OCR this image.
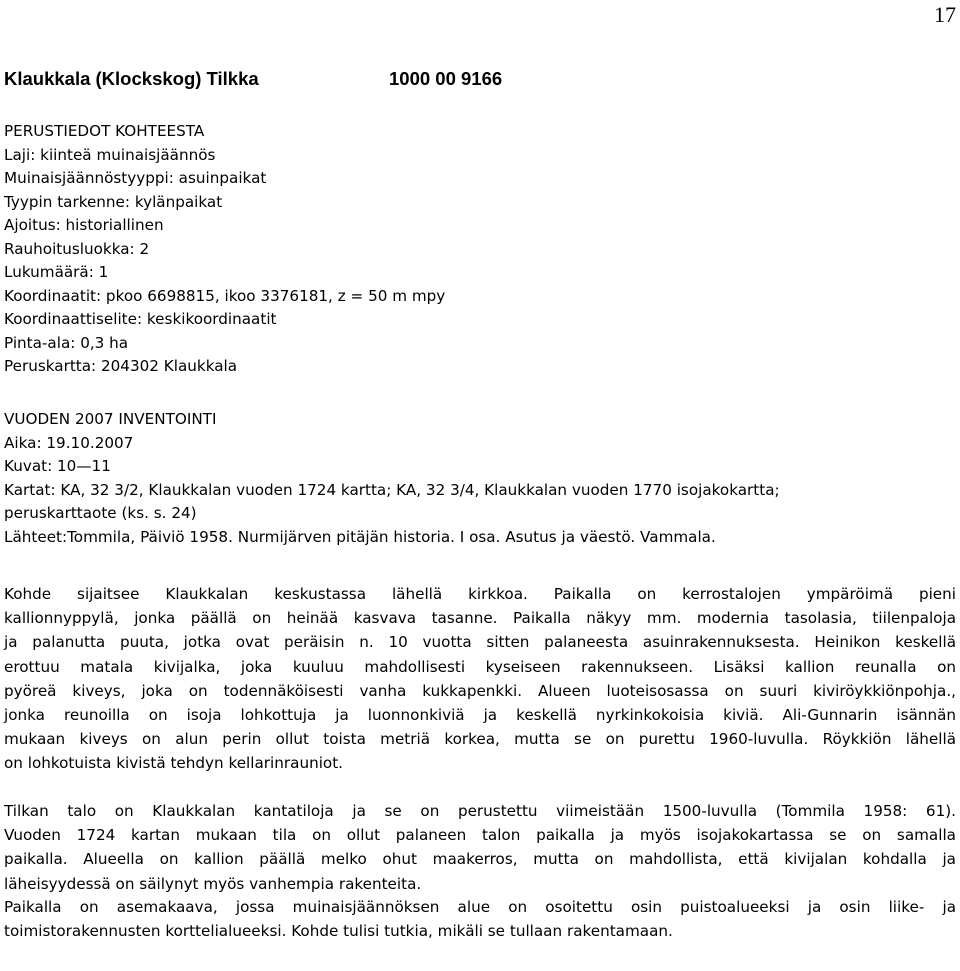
17
Klaukkala (Klockskog) Tilkka	1000 00 9166
PERUSTIEDOT KOHTEESTA
Laji: kiinteä muinaisjäännös
Muinaisjäännöstyyppi: asuinpaikat
Tyypin tarkenne: kylänpaikat
Ajoitus: historiallinen
Rauhoitusluokka: 2
Lukumäärä: 1
Koordinaatit: pkoo 6698815, ikoo 3376181, z = 50 m mpy
Koordinaattiselite: keskikoordinaatit
Pinta-ala: 0,3 ha
Peruskartta: 204302 Klaukkala
VUODEN 2007 INVENTOINTI
Aika: 19.10.2007
Kuvat: 10—11
Kartat: KA, 32 3/2, Klaukkalan vuoden 1724 kartta; KA, 32 3/4, Klaukkalan vuoden 1770 isojakokartta;
peruskarttaote (ks. s. 24)
Lähteet:Tommila, Päiviö 1958. Nurmijärven pitäjän historia. I osa. Asutus ja väestö. Vammala.
Kohde sijaitsee Klaukkalan keskustassa lähellä kirkkoa. Paikalla on kerrostalojen ympäröimä pieni
kallionnyppylä, jonka päällä on heinää kasvava tasanne. Paikalla näkyy mm. modernia tasolasia, tiilenpaloja
ja palanutta puuta, jotka ovat peräisin n. 10 vuotta sitten palaneesta asuinrakennuksesta. Heinikon keskellä
erottuu matala kivijalka, joka kuuluu mahdollisesti kyseiseen rakennukseen. Lisäksi kallion reunalla on
pyöreä kiveys, joka on todennäköisesti vanha kukkapenkki. Alueen luoteisosassa on suuri kiviröykkiönpohja.,
jonka reunoilla on isoja lohkottuja ja luonnonkiviä ja keskellä nyrkinkokoisia kiviä. Ali-Gunnarin isännän
mukaan kiveys on alun perin ollut toista metriä korkea, mutta se on purettu 1960-luvulla. Röykkiön lähellä
on lohkotuista kivistä tehdyn kellarinrauniot.
Tilkan talo on Klaukkalan kantatiloja ja se on perustettu viimeistään 1500-luvulla (Tommila 1958: 61).
Vuoden 1724 kartan mukaan tila on ollut palaneen talon paikalla ja myös isojakokartassa se on samalla
paikalla. Alueella on kallion päällä melko ohut maakerros, mutta on mahdollista, että kivijalan kohdalla ja
läheisyydessä on säilynyt myös vanhempia rakenteita.
Paikalla on asemakaava, jossa muinaisjäännöksen alue on osoitettu osin puistoalueeksi ja osin liike- ja
toimistorakennusten korttelialueeksi. Kohde tulisi tutkia, mikäli se tullaan rakentamaan.
